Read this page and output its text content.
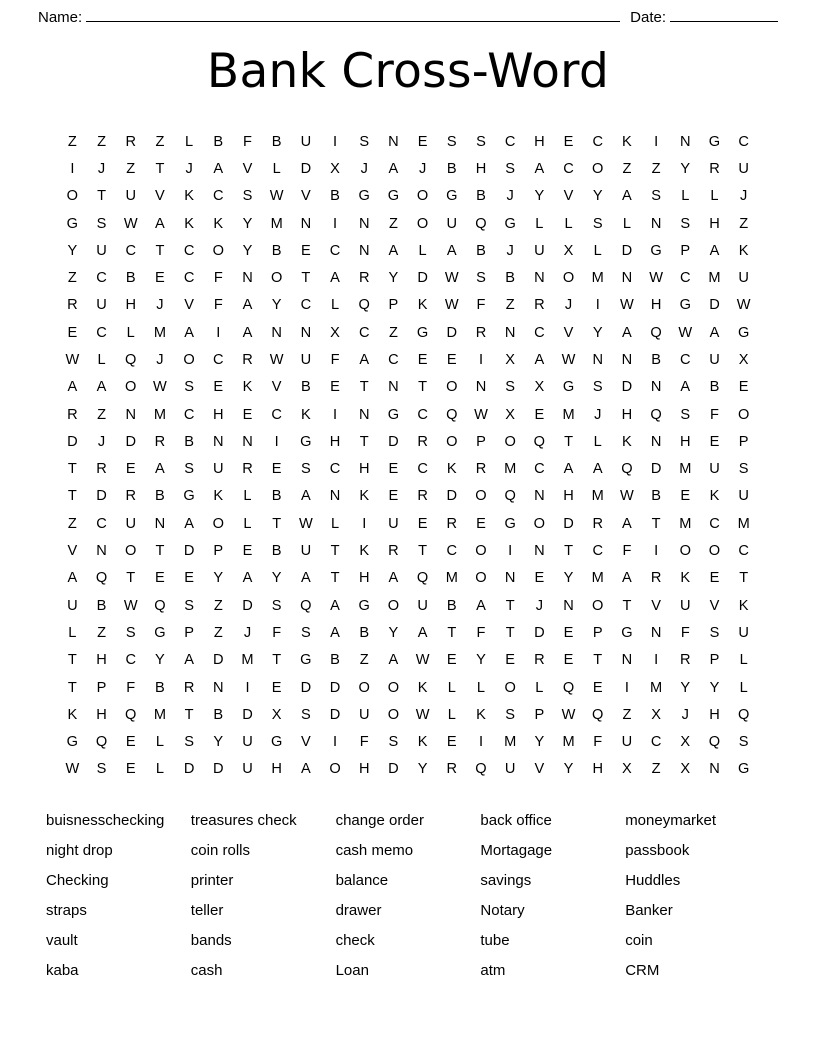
Name:	Date:
Bank Cross-Word
Z	Z	R	Z	L	B	F	B	U	I	S	N	E	S	S	C	H	E	C	K	I	N	G	C
I	J	Z	T	J	A	V	L	D	X	J	A	J	B	H	S	A	C	O	Z	Z	Y	R	U
O	T	U	V	K	C	S	W	V	B	G	G	O	G	B	J	Y	V	Y	A	S	L	L	J
G	S	W	A	K	K	Y	M	N	I	N	Z	O	U	Q	G	L	L	S	L	N	S	H	Z
Y	U	C	T	C	O	Y	B	E	C	N	A	L	A	B	J	U	X	L	D	G	P	A	K
Z	C	B	E	C	F	N	O	T	A	R	Y	D	W	S	B	N	O	M	N	W	C	M	U
R	U	H	J	V	F	A	Y	C	L	Q	P	K	W	F	Z	R	J	I	W	H	G	D	W
E	C	L	M	A	I	A	N	N	X	C	Z	G	D	R	N	C	V	Y	A	Q	W	A	G
W	L	Q	J	O	C	R	W	U	F	A	C	E	E	I	X	A	W	N	N	B	C	U	X
A	A	O	W	S	E	K	V	B	E	T	N	T	O	N	S	X	G	S	D	N	A	B	E
R	Z	N	M	C	H	E	C	K	I	N	G	C	Q	W	X	E	M	J	H	Q	S	F	O
D	J	D	R	B	N	N	I	G	H	T	D	R	O	P	O	Q	T	L	K	N	H	E	P
T	R	E	A	S	U	R	E	S	C	H	E	C	K	R	M	C	A	A	Q	D	M	U	S
T	D	R	B	G	K	L	B	A	N	K	E	R	D	O	Q	N	H	M	W	B	E	K	U
Z	C	U	N	A	O	L	T	W	L	I	U	E	R	E	G	O	D	R	A	T	M	C	M
V	N	O	T	D	P	E	B	U	T	K	R	T	C	O	I	N	T	C	F	I	O	O	C
A	Q	T	E	E	Y	A	Y	A	T	H	A	Q	M	O	N	E	Y	M	A	R	K	E	T
U	B	W	Q	S	Z	D	S	Q	A	G	O	U	B	A	T	J	N	O	T	V	U	V	K
L	Z	S	G	P	Z	J	F	S	A	B	Y	A	T	F	T	D	E	P	G	N	F	S	U
T	H	C	Y	A	D	M	T	G	B	Z	A	W	E	Y	E	R	E	T	N	I	R	P	L
T	P	F	B	R	N	I	E	D	D	O	O	K	L	L	O	L	Q	E	I	M	Y	Y	L
K	H	Q	M	T	B	D	X	S	D	U	O	W	L	K	S	P	W	Q	Z	X	J	H	Q
G	Q	E	L	S	Y	U	G	V	I	F	S	K	E	I	M	Y	M	F	U	C	X	Q	S
W	S	E	L	D	D	U	H	A	O	H	D	Y	R	Q	U	V	Y	H	X	Z	X	N	G
buisnesschecking	treasures check	change order	back office	moneymarket
night drop	coin rolls	cash memo	Mortagage	passbook
Checking	printer	balance	savings	Huddles
straps	teller	drawer	Notary	Banker
vault	bands	check	tube	coin
kaba	cash	Loan	atm	CRM
